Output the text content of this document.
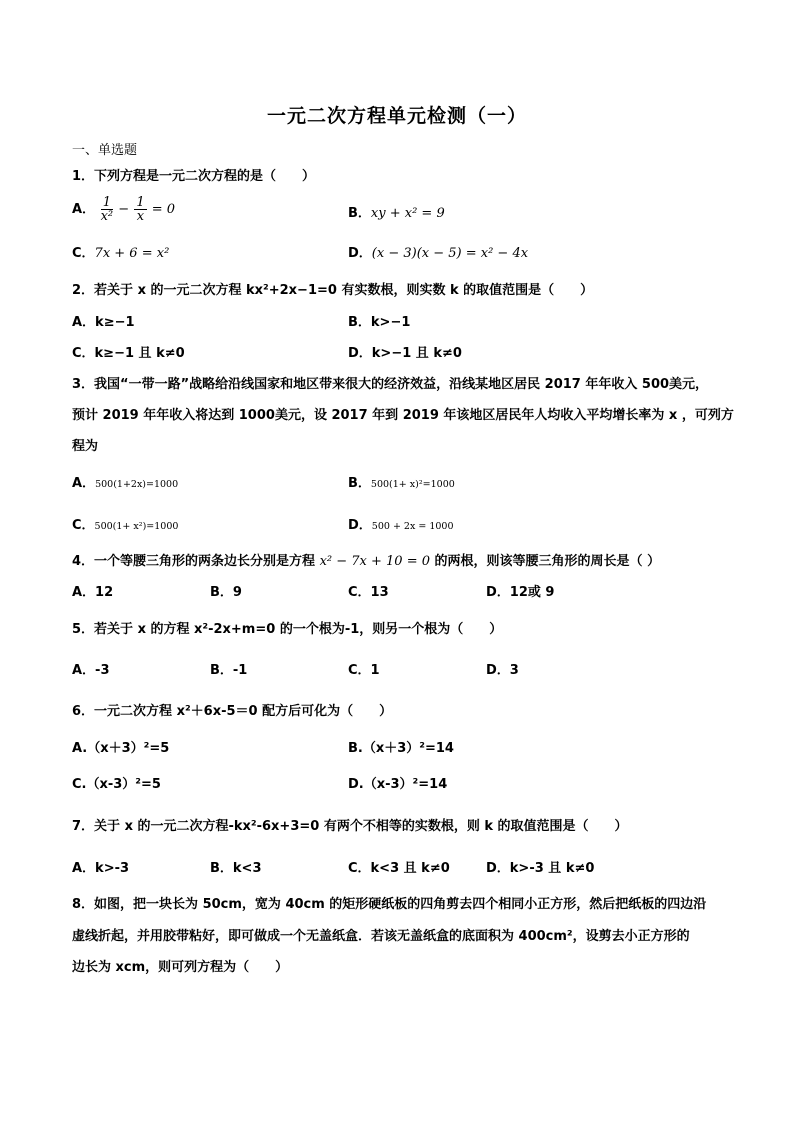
一元二次方程单元检测（一）
一、单选题
1．下列方程是一元二次方程的是（　　）
A． $\frac{1}{\text{x²}} - \frac{1}{x} = 0$	B．xy + x² = 9
C．7x + 6 = x²	D．(x − 3)(x − 5) = x² − 4x
2．若关于 x 的一元二次方程 kx²+2x−1=0 有实数根，则实数 k 的取值范围是（　　）
A．k≥−1	B．k>−1
C．k≥−1 且 k≠0	D．k>−1 且 k≠0
3．我国“一带一路”战略给沿线国家和地区带来很大的经济效益，沿线某地区居民 2017 年年收入 500美元，
预计 2019 年年收入将达到 1000美元，设 2017 年到 2019 年该地区居民年人均收入平均增长率为 x ，可列方
程为
A．500(1+2x)=1000	B．500(1+ x)²=1000
C．500(1+ x²)=1000	D．500 + 2x = 1000
4．一个等腰三角形的两条边长分别是方程 x² − 7x + 10 = 0 的两根，则该等腰三角形的周长是（ ）
A．12	B．9	C．13	D．12或 9
5．若关于 x 的方程 x²-2x+m=0 的一个根为-1，则另一个根为（　　）
A．-3	B．-1	C．1	D．3
6．一元二次方程 x²＋6x-5＝0 配方后可化为（　　）
A.（x＋3）²=5	B.（x＋3）²=14
C.（x-3）²=5	D.（x-3）²=14
7．关于 x 的一元二次方程-kx²-6x+3=0 有两个不相等的实数根，则 k 的取值范围是（　　）
A．k>-3	B．k<3	C．k<3 且 k≠0	D．k>-3 且 k≠0
8．如图，把一块长为 50cm，宽为 40cm 的矩形硬纸板的四角剪去四个相同小正方形，然后把纸板的四边沿
虚线折起，并用胶带粘好，即可做成一个无盖纸盒．若该无盖纸盒的底面积为 400cm²，设剪去小正方形的
边长为 xcm，则可列方程为（　　）
